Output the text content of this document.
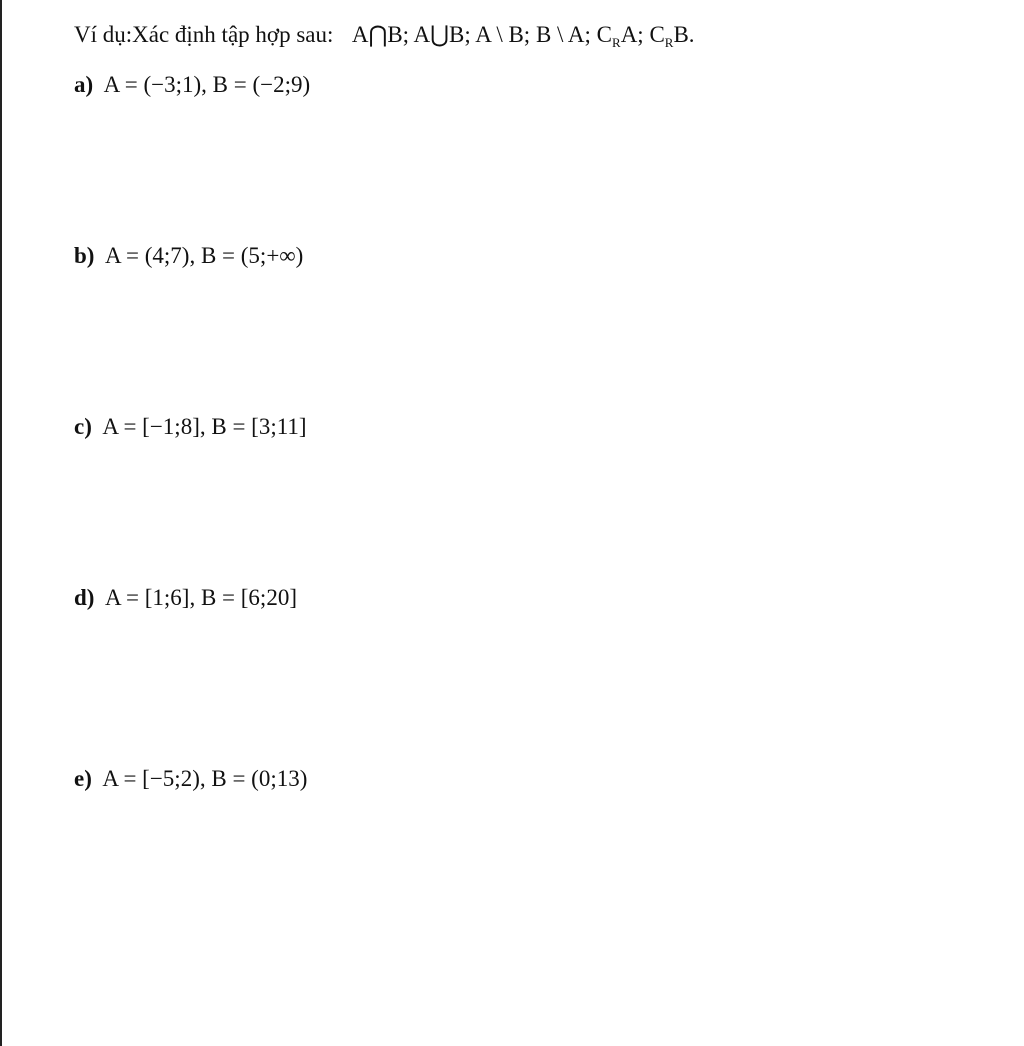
Ví dụ:Xác định tập hợp sau: A⋂B; A⋃B; A \ B; B \ A; $C_RA$; $C_RB$.
a) A = (−3;1), B = (−2;9)
b) A = (4;7), B = (5;+∞)
c) A = [−1;8], B = [3;11]
d) A = [1;6], B = [6;20]
e) A = [−5;2), B = (0;13)
